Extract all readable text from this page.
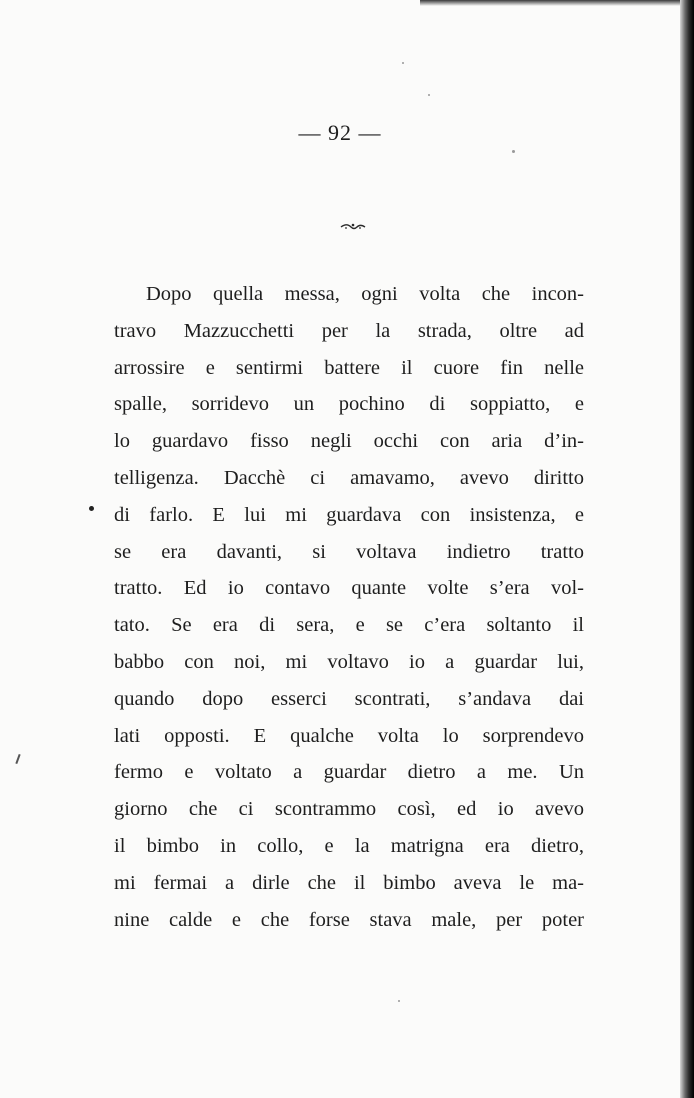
— 92 —
Dopo quella messa, ogni volta che incon-
travo Mazzucchetti per la strada, oltre ad
arrossire e sentirmi battere il cuore fin nelle
spalle, sorridevo un pochino di soppiatto, e
lo guardavo fisso negli occhi con aria d’in-
telligenza. Dacchè ci amavamo, avevo diritto
di farlo. E lui mi guardava con insistenza, e
se era davanti, si voltava indietro tratto
tratto. Ed io contavo quante volte s’era vol-
tato. Se era di sera, e se c’era soltanto il
babbo con noi, mi voltavo io a guardar lui,
quando dopo esserci scontrati, s’andava dai
lati opposti. E qualche volta lo sorprendevo
fermo e voltato a guardar dietro a me. Un
giorno che ci scontrammo così, ed io avevo
il bimbo in collo, e la matrigna era dietro,
mi fermai a dirle che il bimbo aveva le ma-
nine calde e che forse stava male, per poter
